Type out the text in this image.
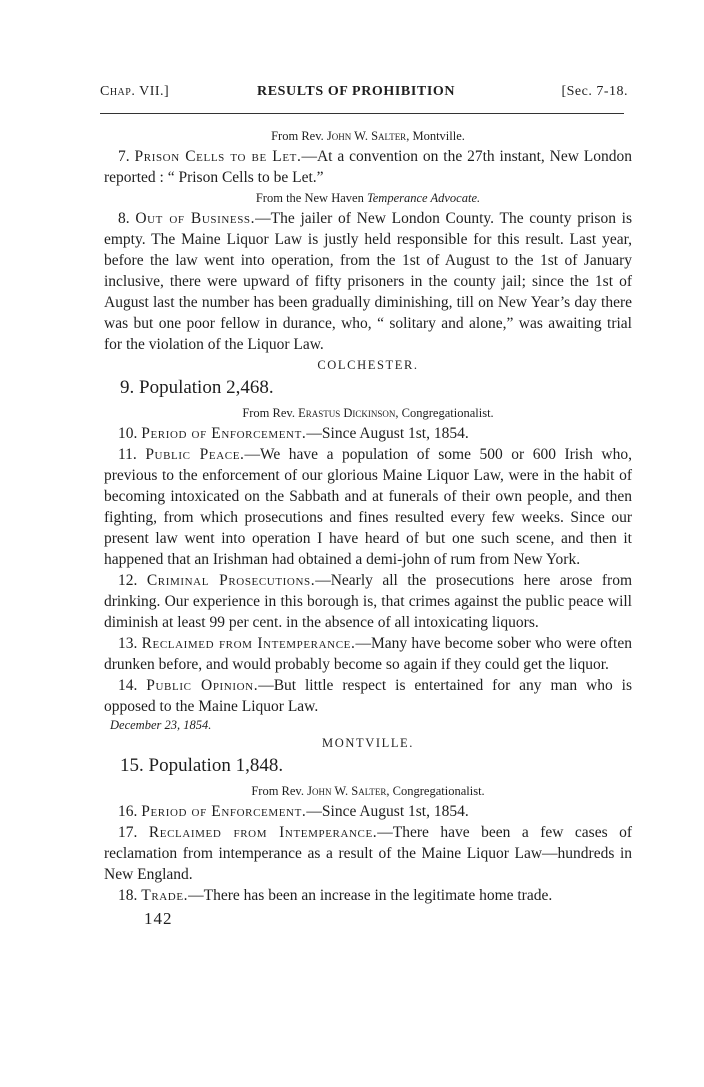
Chap. VII.]	RESULTS OF PROHIBITION	[Sec. 7-18.

From Rev. John W. Salter, Montville.

7. Prison Cells to be Let.—At a convention on the 27th instant, New London reported : “ Prison Cells to be Let.”

From the New Haven Temperance Advocate.

8. Out of Business.—The jailer of New London County. The county prison is empty. The Maine Liquor Law is justly held responsible for this result. Last year, before the law went into operation, from the 1st of August to the 1st of January inclusive, there were upward of fifty prisoners in the county jail; since the 1st of August last the number has been gradually diminishing, till on New Year’s day there was but one poor fellow in durance, who, “ solitary and alone,” was awaiting trial for the violation of the Liquor Law.

COLCHESTER.

9. Population 2,468.

From Rev. Erastus Dickinson, Congregationalist.

10. Period of Enforcement.—Since August 1st, 1854.

11. Public Peace.—We have a population of some 500 or 600 Irish who, previous to the enforcement of our glorious Maine Liquor Law, were in the habit of becoming intoxicated on the Sabbath and at funerals of their own people, and then fighting, from which prosecutions and fines resulted every few weeks. Since our present law went into operation I have heard of but one such scene, and then it happened that an Irishman had obtained a demi-john of rum from New York.

12. Criminal Prosecutions.—Nearly all the prosecutions here arose from drinking. Our experience in this borough is, that crimes against the public peace will diminish at least 99 per cent. in the absence of all intoxicating liquors.

13. Reclaimed from Intemperance.—Many have become sober who were often drunken before, and would probably become so again if they could get the liquor.

14. Public Opinion.—But little respect is entertained for any man who is opposed to the Maine Liquor Law.

December 23, 1854.

MONTVILLE.

15. Population 1,848.

From Rev. John W. Salter, Congregationalist.

16. Period of Enforcement.—Since August 1st, 1854.

17. Reclaimed from Intemperance.—There have been a few cases of reclamation from intemperance as a result of the Maine Liquor Law—hundreds in New England.

18. Trade.—There has been an increase in the legitimate home trade.

142
